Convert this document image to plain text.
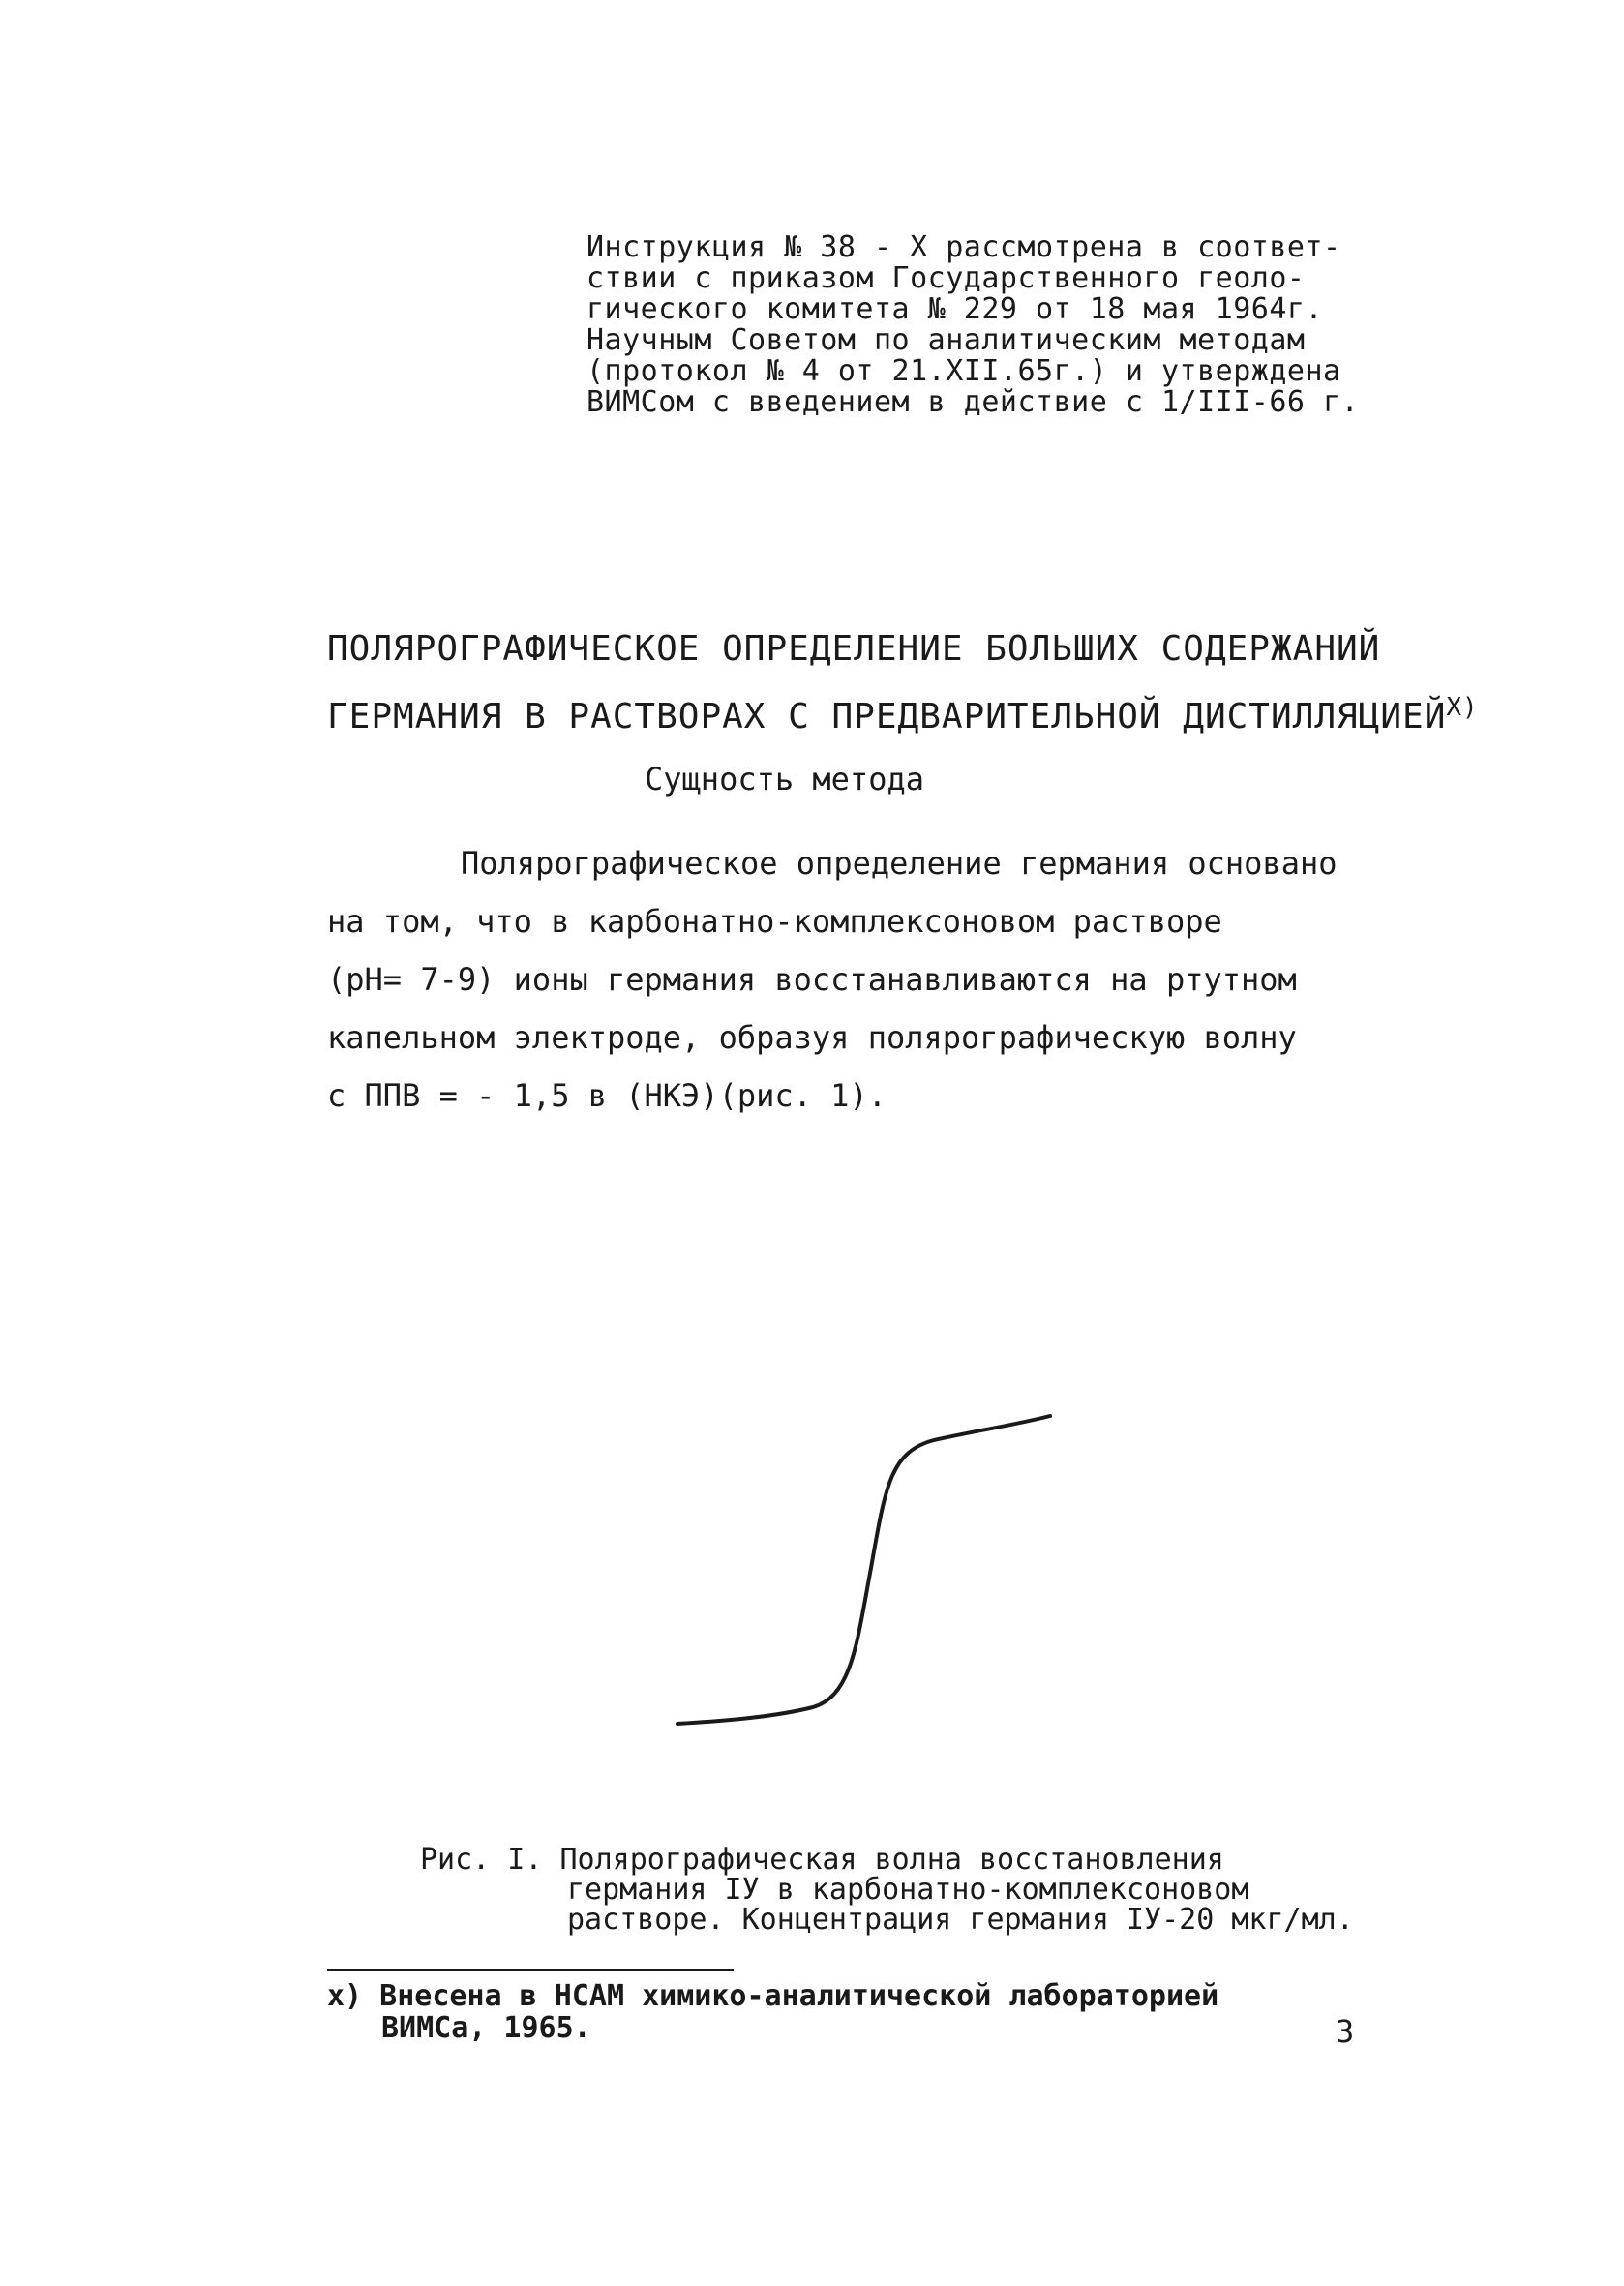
Инструкция № 38 - Х рассмотрена в соответ-
ствии с приказом Государственного геоло-
гического комитета № 229 от 18 мая 1964г.
Научным Советом по аналитическим методам
(протокол № 4 от 21.XII.65г.) и утверждена
ВИМСом с введением в действие с 1/III-66 г.
ПОЛЯРОГРАФИЧЕСКОЕ ОПРЕДЕЛЕНИЕ БОЛЬШИХ СОДЕРЖАНИЙ
ГЕРМАНИЯ В РАСТВОРАХ С ПРЕДВАРИТЕЛЬНОЙ $ДИСТИЛЛЯЦИЕЙ^{X)}$
Сущность метода
Полярографическое определение германия основано
на том, что в карбонатно-комплексоновом растворе
(pH= 7-9) ионы германия восстанавливаются на ртутном
капельном электроде, образуя полярографическую волну
с ППВ = - 1,5 в (НКЭ)(рис. 1).
Рис. I. Полярографическая волна восстановления
германия IУ в карбонатно-комплексоновом
растворе. Концентрация германия IУ-20 мкг/мл.
x) Внесена в НСАМ химико-аналитической лабораторией
ВИМСа, 1965.	3
